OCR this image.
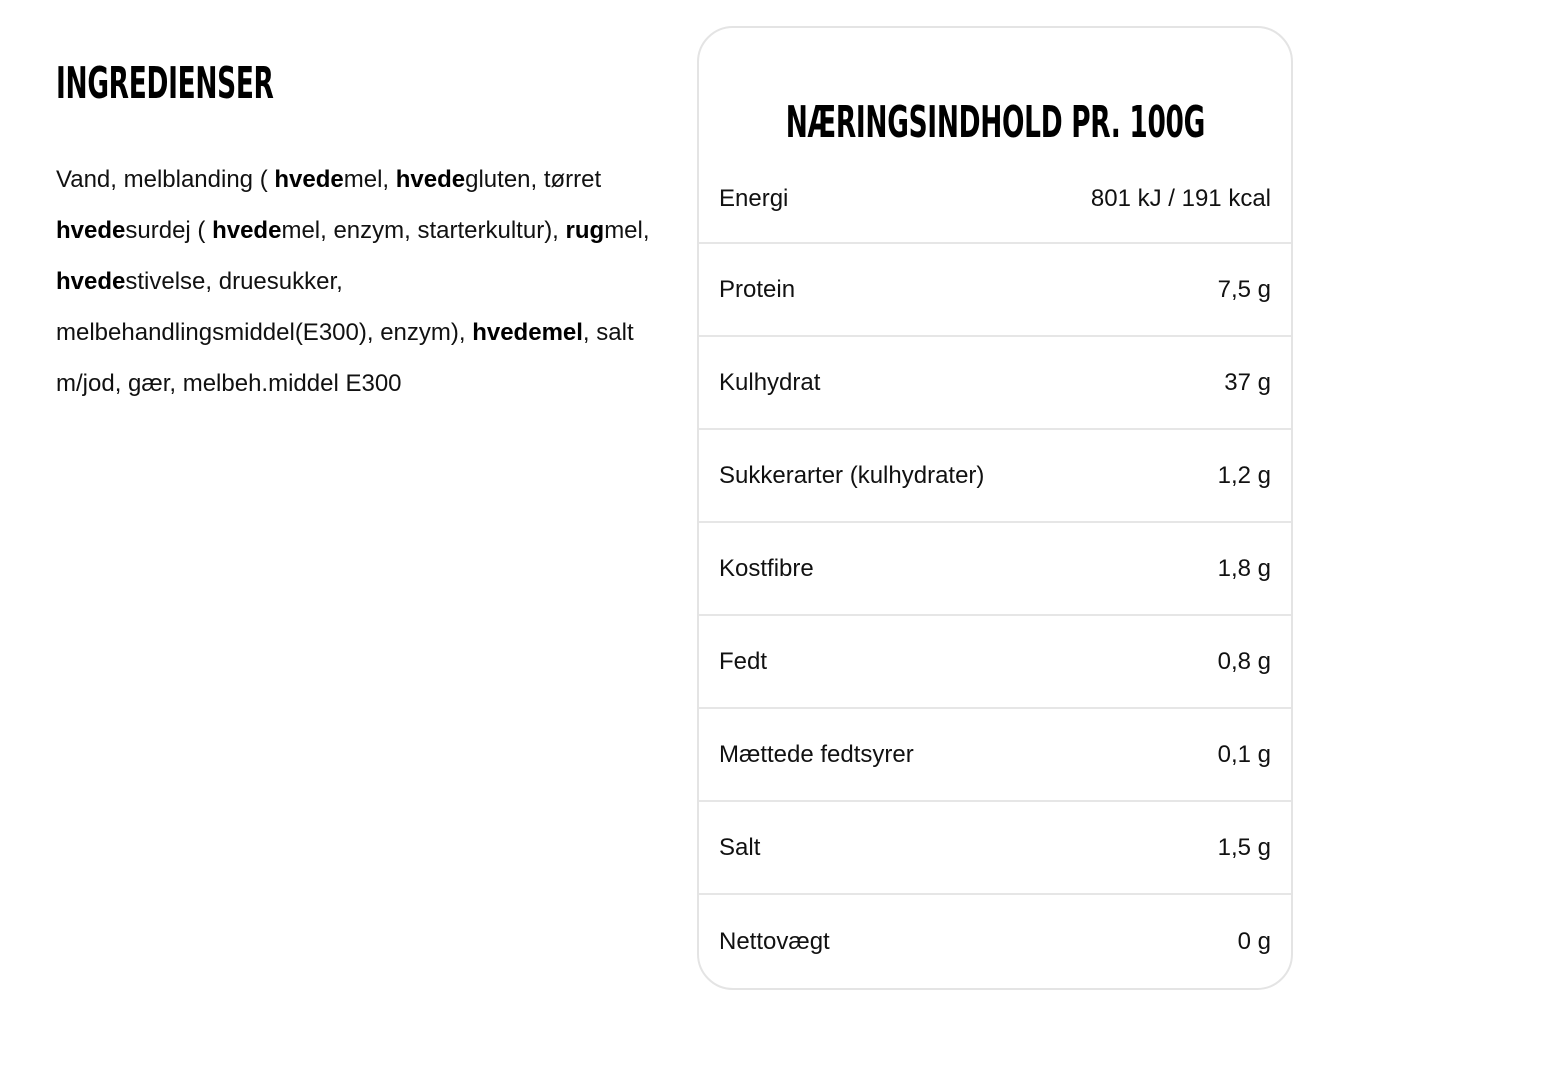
INGREDIENSER

Vand, melblanding ( hvedemel, hvedegluten, tørret hvedesurdej ( hvedemel, enzym, starterkultur), rugmel, hvedestivelse, druesukker, melbehandlingsmiddel(E300), enzym), hvedemel, salt m/jod, gær, melbeh.middel E300

NÆRINGSINDHOLD PR. 100G
Energi	801 kJ / 191 kcal
Protein	7,5 g
Kulhydrat	37 g
Sukkerarter (kulhydrater)	1,2 g
Kostfibre	1,8 g
Fedt	0,8 g
Mættede fedtsyrer	0,1 g
Salt	1,5 g
Nettovægt	0 g
